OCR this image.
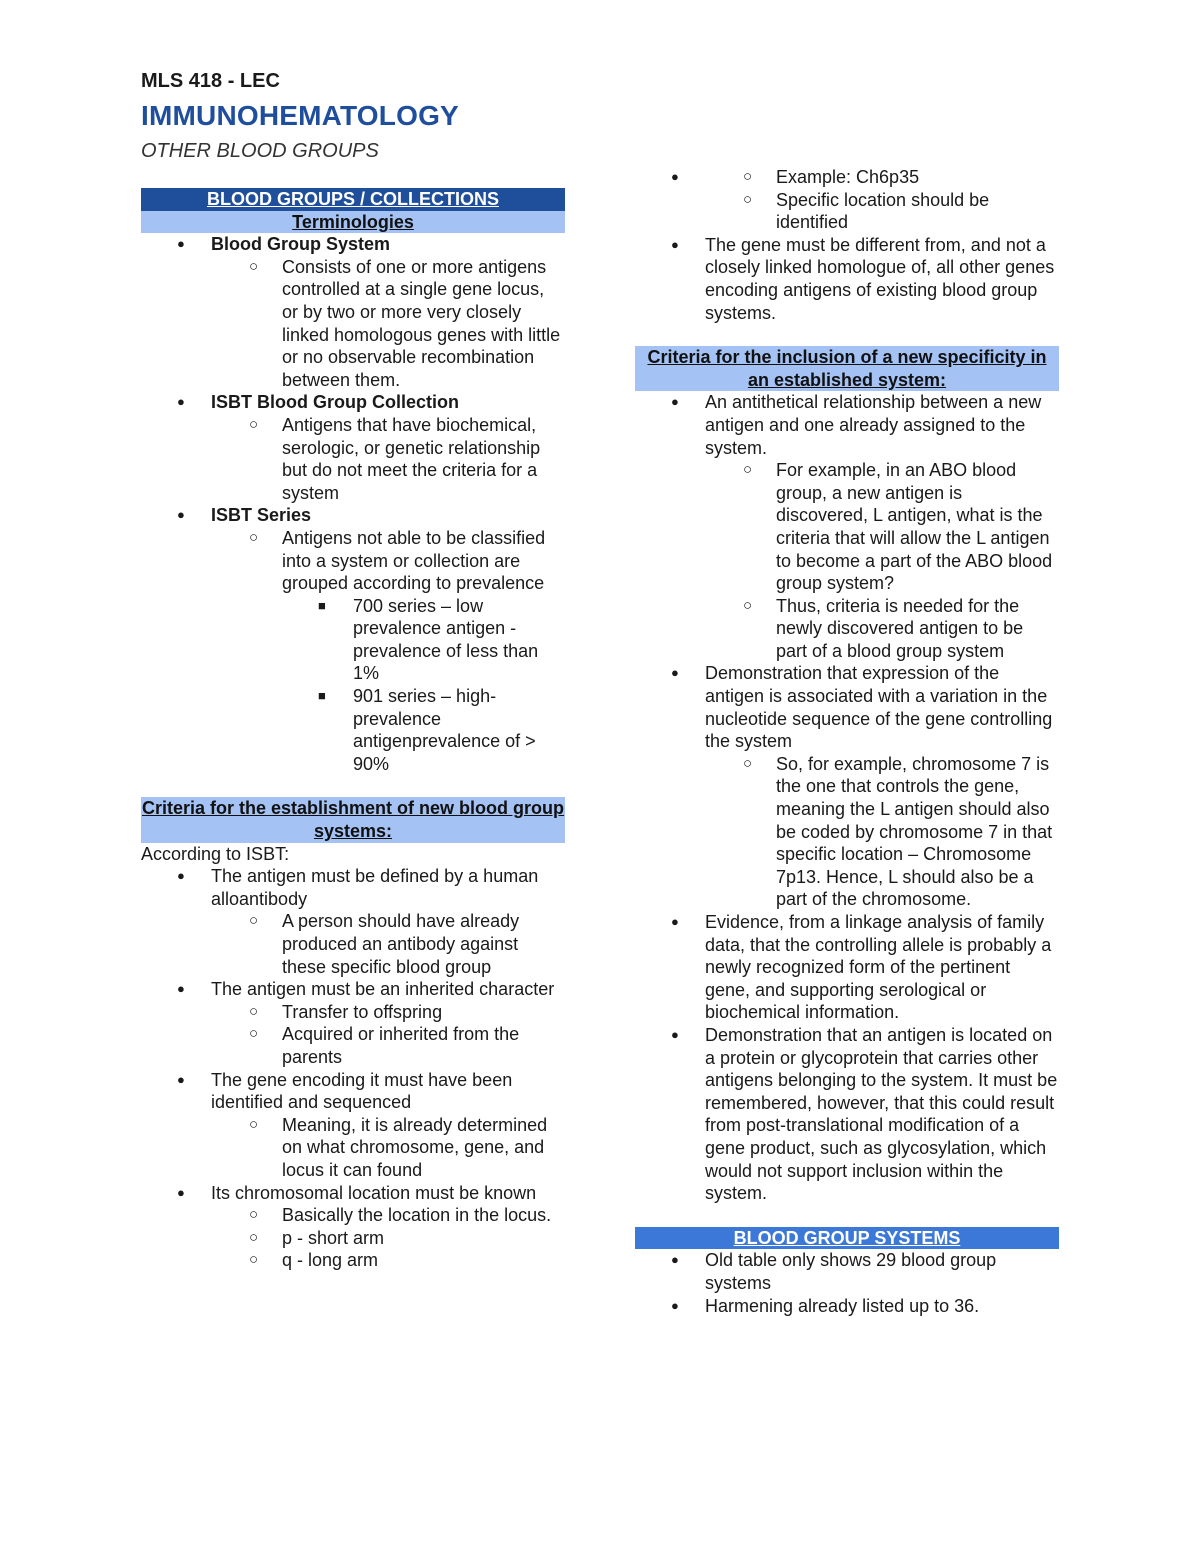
MLS 418 - LEC
IMMUNOHEMATOLOGY
OTHER BLOOD GROUPS
BLOOD GROUPS / COLLECTIONS
Terminologies
● Blood Group System
○ Consists of one or more antigens controlled at a single gene locus, or by two or more very closely linked homologous genes with little or no observable recombination between them.
● ISBT Blood Group Collection
○ Antigens that have biochemical, serologic, or genetic relationship but do not meet the criteria for a system
● ISBT Series
○ Antigens not able to be classified into a system or collection are grouped according to prevalence
■ 700 series – low prevalence antigen - prevalence of less than 1%
■ 901 series – high-prevalence antigenprevalence of > 90%
Criteria for the establishment of new blood group systems:
According to ISBT:
● The antigen must be defined by a human alloantibody
○ A person should have already produced an antibody against these specific blood group
● The antigen must be an inherited character
○ Transfer to offspring
○ Acquired or inherited from the parents
● The gene encoding it must have been identified and sequenced
○ Meaning, it is already determined on what chromosome, gene, and locus it can found
● Its chromosomal location must be known
○ Basically the location in the locus.
○ p - short arm
○ q - long arm
○ ● Example: Ch6p35
○ Specific location should be identified
● The gene must be different from, and not a closely linked homologue of, all other genes encoding antigens of existing blood group systems.
Criteria for the inclusion of a new specificity in an established system:
● An antithetical relationship between a new antigen and one already assigned to the system.
○ For example, in an ABO blood group, a new antigen is discovered, L antigen, what is the criteria that will allow the L antigen to become a part of the ABO blood group system?
○ Thus, criteria is needed for the newly discovered antigen to be part of a blood group system
● Demonstration that expression of the antigen is associated with a variation in the nucleotide sequence of the gene controlling the system
○ So, for example, chromosome 7 is the one that controls the gene, meaning the L antigen should also be coded by chromosome 7 in that specific location – Chromosome 7p13. Hence, L should also be a part of the chromosome.
● Evidence, from a linkage analysis of family data, that the controlling allele is probably a newly recognized form of the pertinent gene, and supporting serological or biochemical information.
● Demonstration that an antigen is located on a protein or glycoprotein that carries other antigens belonging to the system. It must be remembered, however, that this could result from post-translational modification of a gene product, such as glycosylation, which would not support inclusion within the system.
BLOOD GROUP SYSTEMS
● Old table only shows 29 blood group systems
● Harmening already listed up to 36.
